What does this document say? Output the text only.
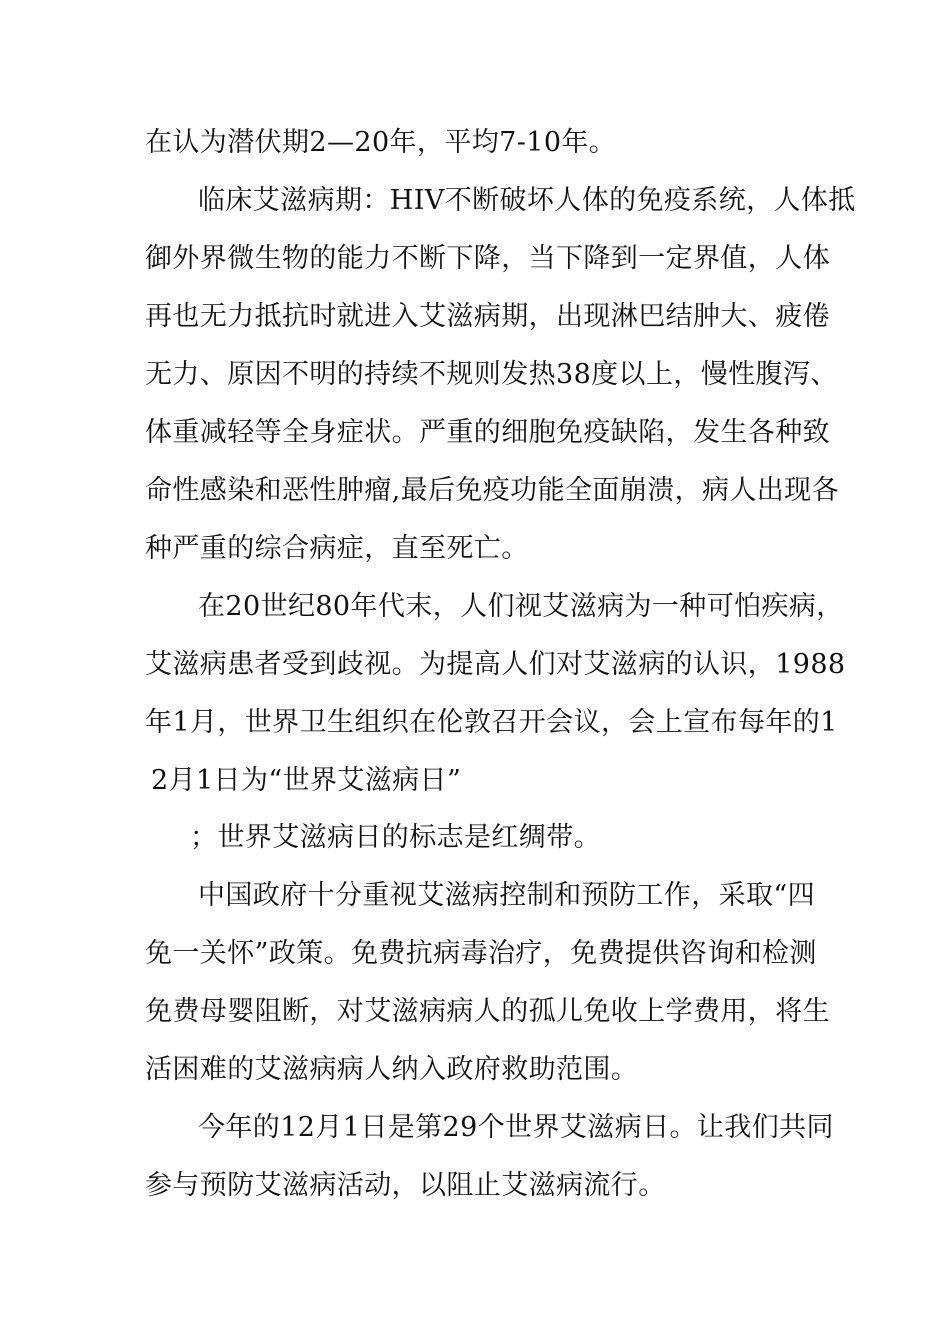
在认为潜伏期2—20年，平均7-10年。
临床艾滋病期：HIV不断破坏人体的免疫系统，人体抵
御外界微生物的能力不断下降，当下降到一定界值，人体
再也无力抵抗时就进入艾滋病期，出现淋巴结肿大、疲倦
无力、原因不明的持续不规则发热38度以上，慢性腹泻、
体重减轻等全身症状。严重的细胞免疫缺陷，发生各种致
命性感染和恶性肿瘤,最后免疫功能全面崩溃，病人出现各
种严重的综合病症，直至死亡。
在20世纪80年代末，人们视艾滋病为一种可怕疾病，
艾滋病患者受到歧视。为提高人们对艾滋病的认识，1988
年1月，世界卫生组织在伦敦召开会议，会上宣布每年的1
2月1日为“世界艾滋病日”
；世界艾滋病日的标志是红绸带。
中国政府十分重视艾滋病控制和预防工作，采取“四
免一关怀”政策。免费抗病毒治疗，免费提供咨询和检测
免费母婴阻断，对艾滋病病人的孤儿免收上学费用，将生
活困难的艾滋病病人纳入政府救助范围。
今年的12月1日是第29个世界艾滋病日。让我们共同
参与预防艾滋病活动，以阻止艾滋病流行。
